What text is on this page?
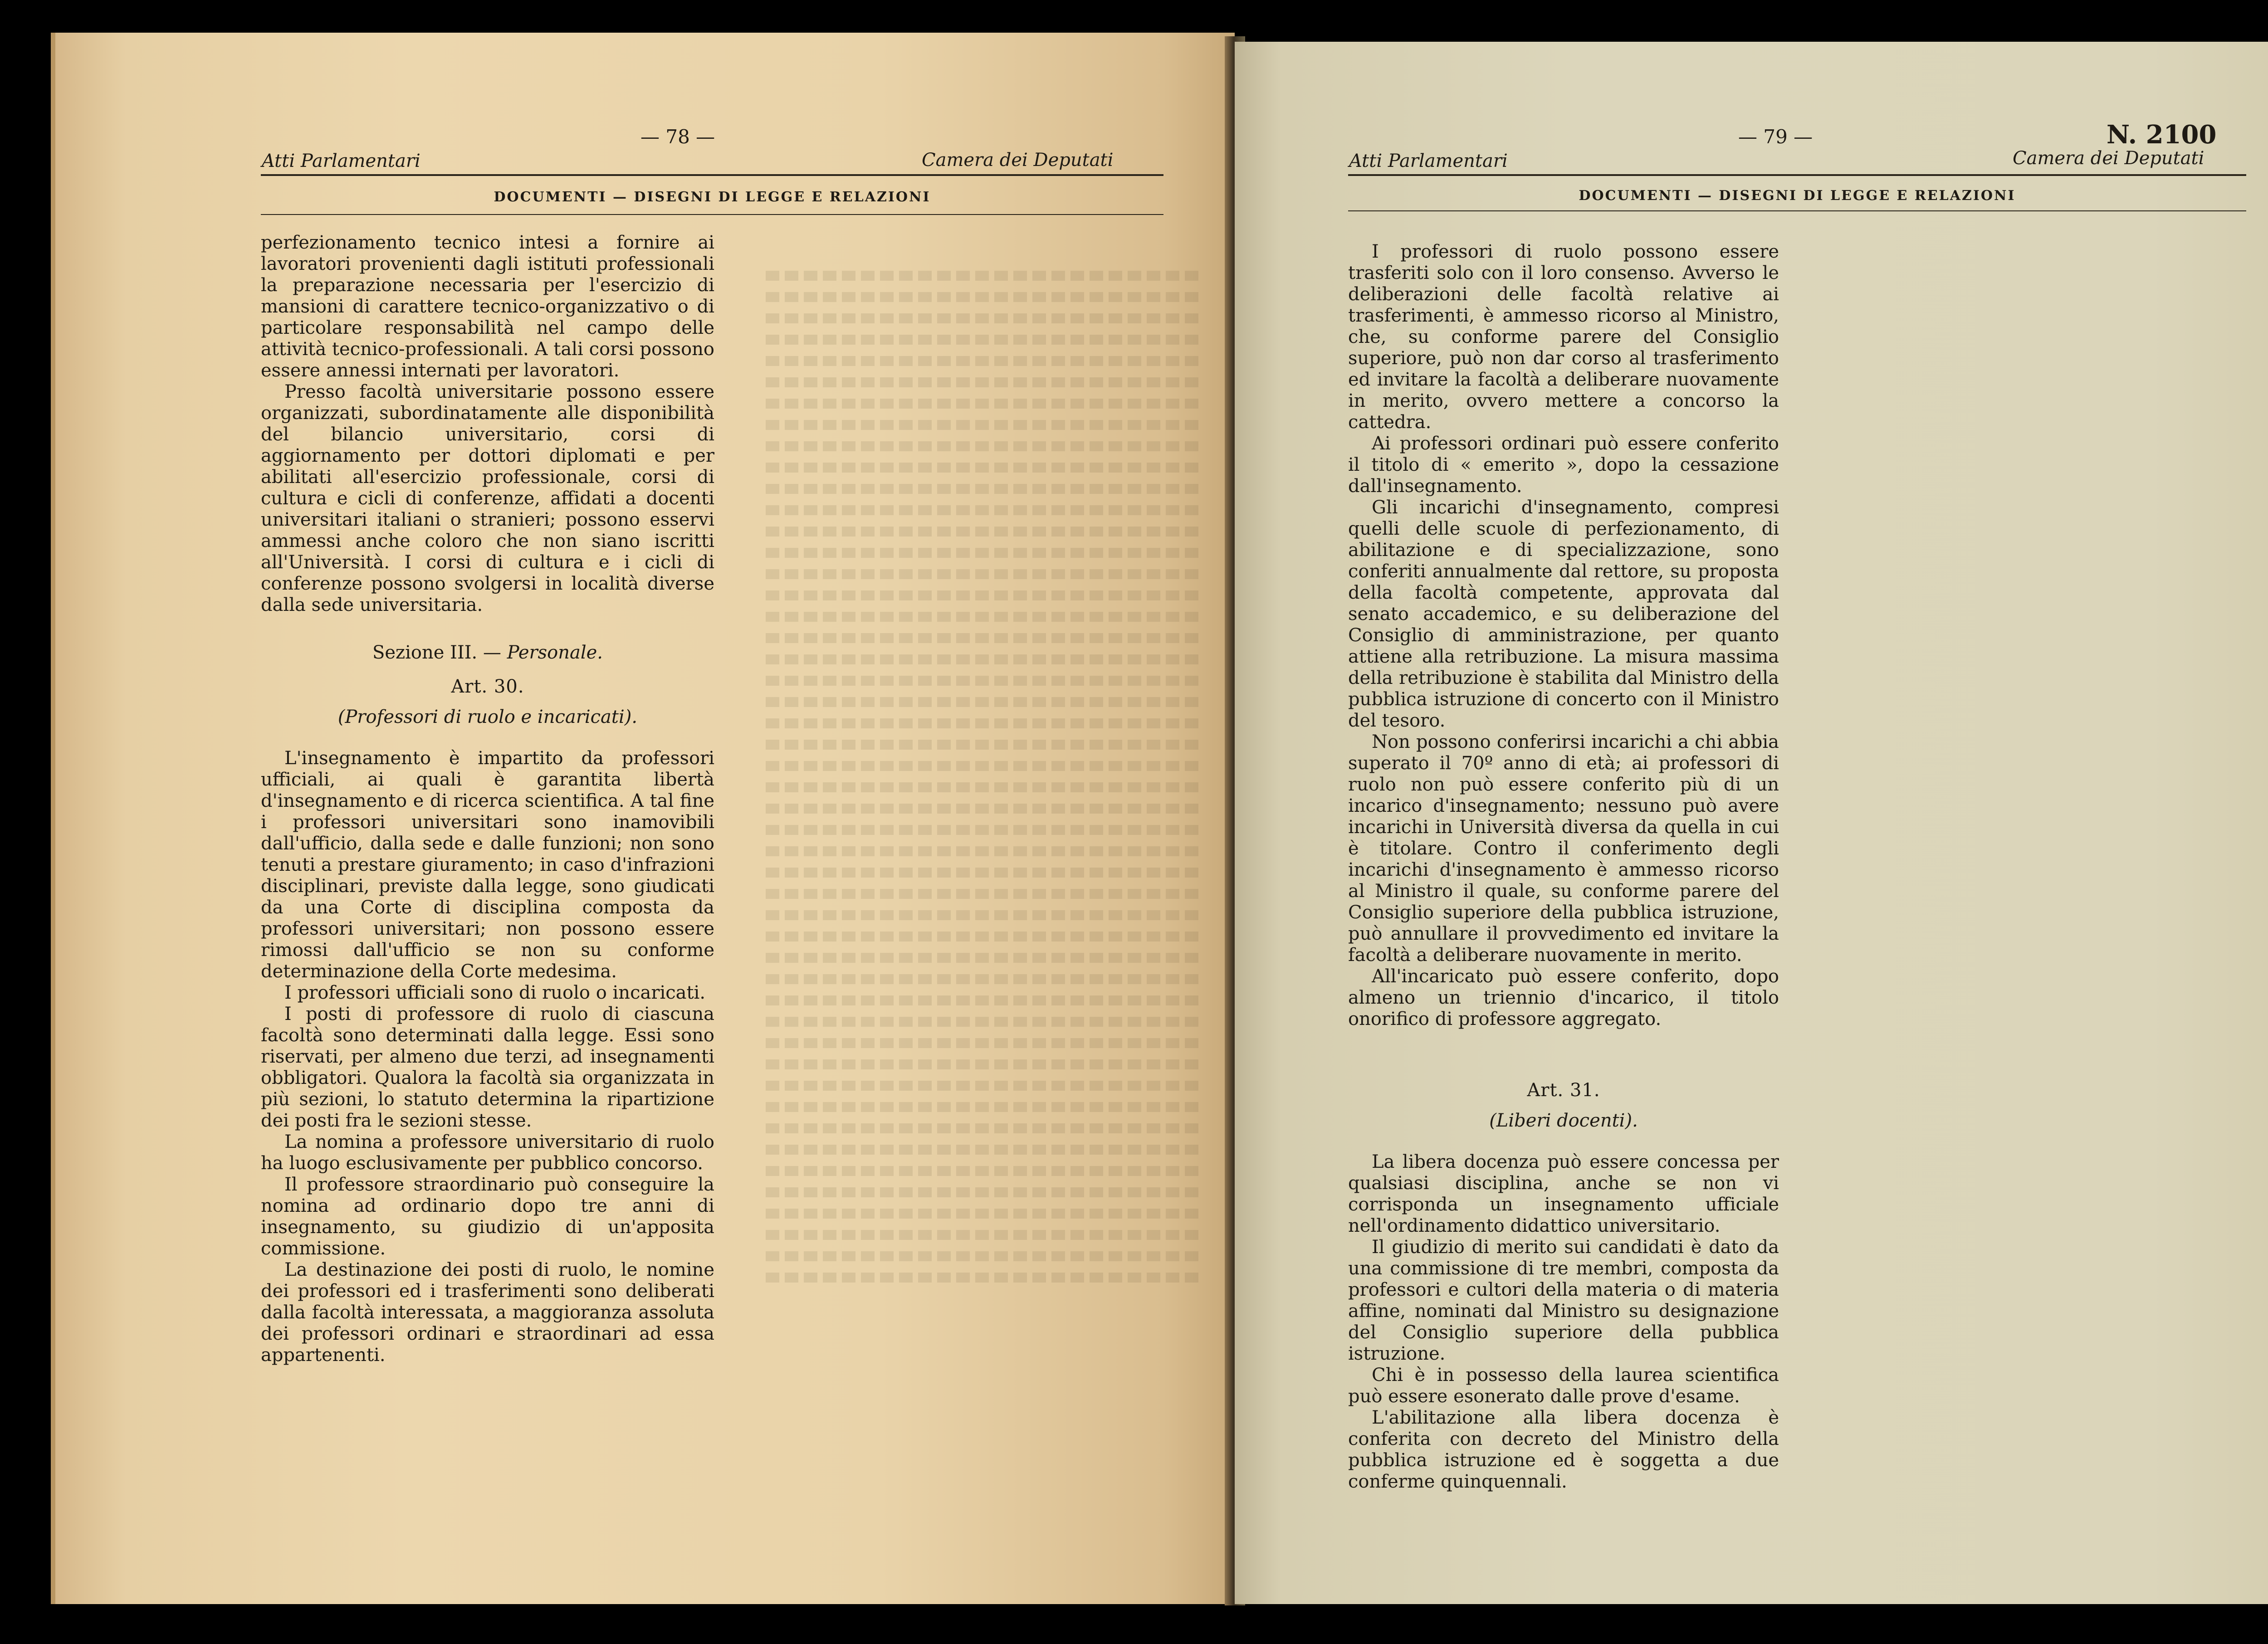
Atti Parlamentari
— 78 —
Camera dei Deputati
DOCUMENTI — DISEGNI DI LEGGE E RELAZIONI

perfezionamento tecnico intesi a fornire ai lavoratori provenienti dagli istituti professionali la preparazione necessaria per l'esercizio di mansioni di carattere tecnico-organizzativo o di particolare responsabilità nel campo delle attività tecnico-professionali. A tali corsi possono essere annessi internati per lavoratori.

Presso facoltà universitarie possono essere organizzati, subordinatamente alle disponibilità del bilancio universitario, corsi di aggiornamento per dottori diplomati e per abilitati all'esercizio professionale, corsi di cultura e cicli di conferenze, affidati a docenti universitari italiani o stranieri; possono esservi ammessi anche coloro che non siano iscritti all'Università. I corsi di cultura e i cicli di conferenze possono svolgersi in località diverse dalla sede universitaria.

Sezione III. — Personale.

Art. 30.

(Professori di ruolo e incaricati).

L'insegnamento è impartito da professori ufficiali, ai quali è garantita libertà d'insegnamento e di ricerca scientifica. A tal fine i professori universitari sono inamovibili dall'ufficio, dalla sede e dalle funzioni; non sono tenuti a prestare giuramento; in caso d'infrazioni disciplinari, previste dalla legge, sono giudicati da una Corte di disciplina composta da professori universitari; non possono essere rimossi dall'ufficio se non su conforme determinazione della Corte medesima.

I professori ufficiali sono di ruolo o incaricati.

I posti di professore di ruolo di ciascuna facoltà sono determinati dalla legge. Essi sono riservati, per almeno due terzi, ad insegnamenti obbligatori. Qualora la facoltà sia organizzata in più sezioni, lo statuto determina la ripartizione dei posti fra le sezioni stesse.

La nomina a professore universitario di ruolo ha luogo esclusivamente per pubblico concorso.

Il professore straordinario può conseguire la nomina ad ordinario dopo tre anni di insegnamento, su giudizio di un'apposita commissione.

La destinazione dei posti di ruolo, le nomine dei professori ed i trasferimenti sono deliberati dalla facoltà interessata, a maggioranza assoluta dei professori ordinari e straordinari ad essa appartenenti.

Atti Parlamentari
— 79 —	N. 2100
Camera dei Deputati
DOCUMENTI — DISEGNI DI LEGGE E RELAZIONI

I professori di ruolo possono essere trasferiti solo con il loro consenso. Avverso le deliberazioni delle facoltà relative ai trasferimenti, è ammesso ricorso al Ministro, che, su conforme parere del Consiglio superiore, può non dar corso al trasferimento ed invitare la facoltà a deliberare nuovamente in merito, ovvero mettere a concorso la cattedra.

Ai professori ordinari può essere conferito il titolo di « emerito », dopo la cessazione dall'insegnamento.

Gli incarichi d'insegnamento, compresi quelli delle scuole di perfezionamento, di abilitazione e di specializzazione, sono conferiti annualmente dal rettore, su proposta della facoltà competente, approvata dal senato accademico, e su deliberazione del Consiglio di amministrazione, per quanto attiene alla retribuzione. La misura massima della retribuzione è stabilita dal Ministro della pubblica istruzione di concerto con il Ministro del tesoro.

Non possono conferirsi incarichi a chi abbia superato il 70º anno di età; ai professori di ruolo non può essere conferito più di un incarico d'insegnamento; nessuno può avere incarichi in Università diversa da quella in cui è titolare. Contro il conferimento degli incarichi d'insegnamento è ammesso ricorso al Ministro il quale, su conforme parere del Consiglio superiore della pubblica istruzione, può annullare il provvedimento ed invitare la facoltà a deliberare nuovamente in merito.

All'incaricato può essere conferito, dopo almeno un triennio d'incarico, il titolo onorifico di professore aggregato.

Art. 31.

(Liberi docenti).

La libera docenza può essere concessa per qualsiasi disciplina, anche se non vi corrisponda un insegnamento ufficiale nell'ordinamento didattico universitario.

Il giudizio di merito sui candidati è dato da una commissione di tre membri, composta da professori e cultori della materia o di materia affine, nominati dal Ministro su designazione del Consiglio superiore della pubblica istruzione.

Chi è in possesso della laurea scientifica può essere esonerato dalle prove d'esame.

L'abilitazione alla libera docenza è conferita con decreto del Ministro della pubblica istruzione ed è soggetta a due conferme quinquennali.
